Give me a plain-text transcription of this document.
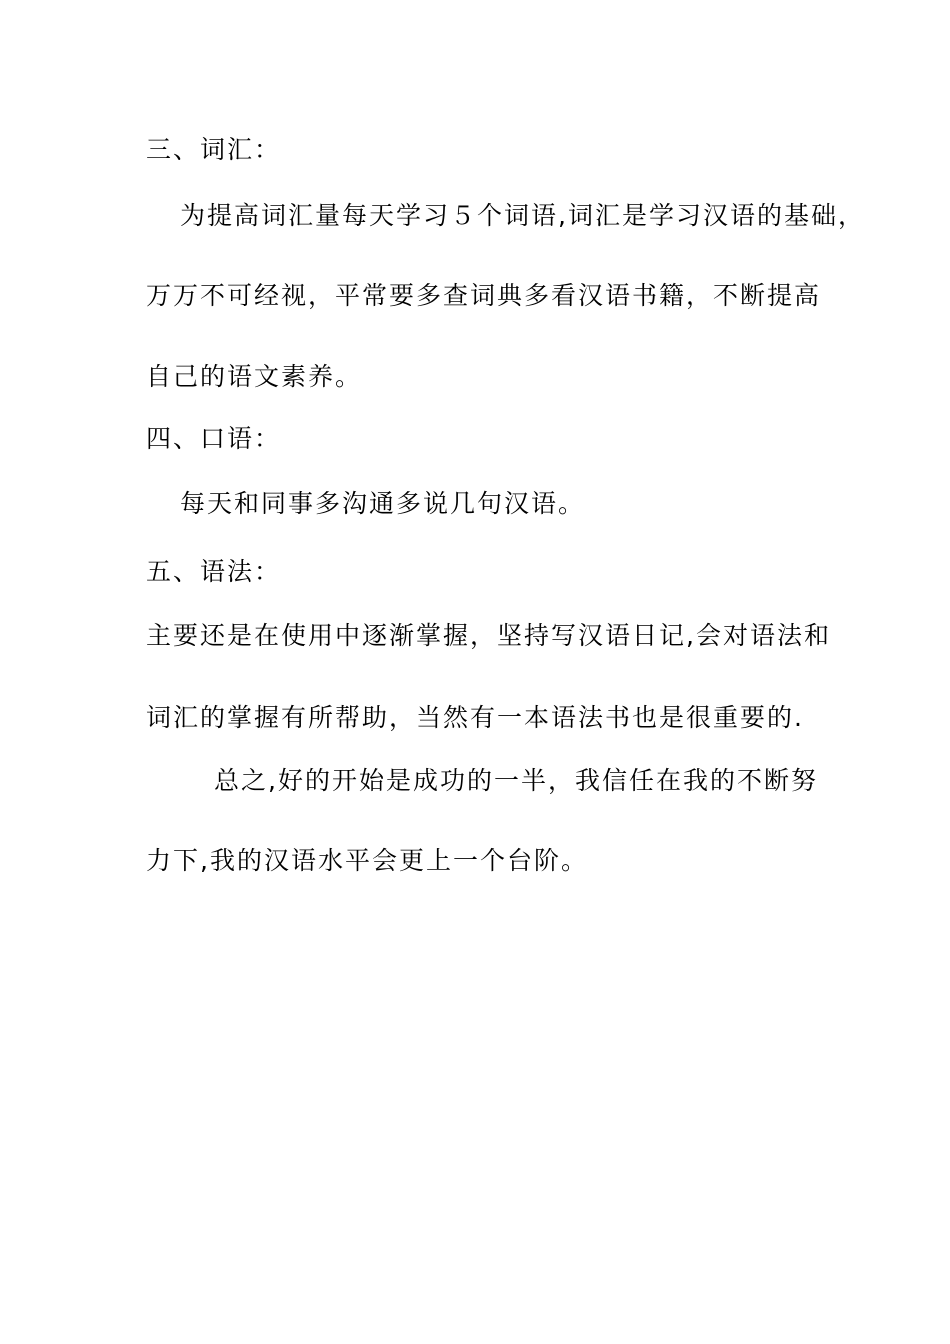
三、词汇：
为提高词汇量每天学习５个词语,词汇是学习汉语的基础，
万万不可经视，平常要多查词典多看汉语书籍，不断提高
自己的语文素养。
四、口语：
每天和同事多沟通多说几句汉语。
五、语法：
主要还是在使用中逐渐掌握，坚持写汉语日记,会对语法和
词汇的掌握有所帮助，当然有一本语法书也是很重要的.
总之,好的开始是成功的一半，我信任在我的不断努
力下,我的汉语水平会更上一个台阶。
